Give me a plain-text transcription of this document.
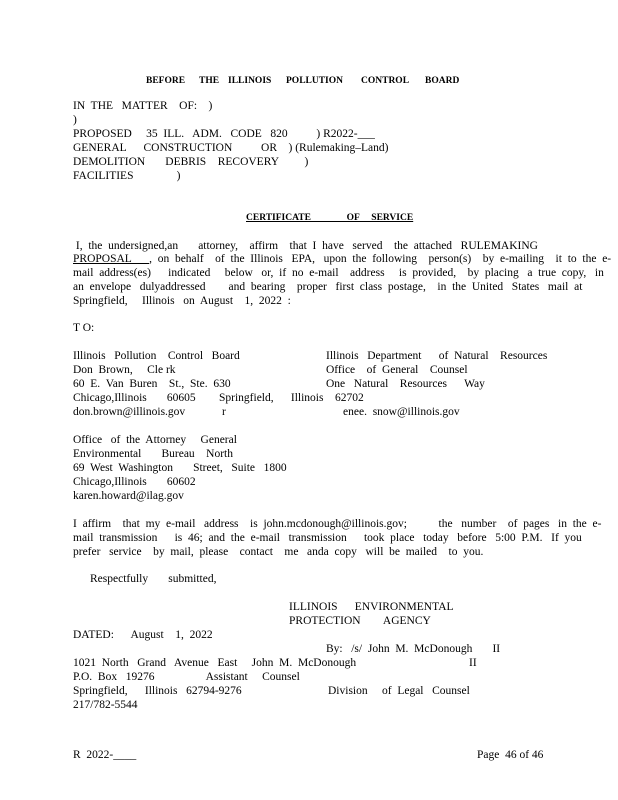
BEFORE THE ILLINOIS POLLUTION CONTROL BOARD
IN  THE   MATTER    OF:    )
)
PROPOSED     35  ILL.   ADM.   CODE   820          ) R2022-___
GENERAL      CONSTRUCTION          OR    ) (Rulemaking–Land)
DEMOLITION       DEBRIS    RECOVERY         )
FACILITIES               )
CERTIFICATE               OF     SERVICE
I,  the  undersigned,an       attorney,    affirm    that  I  have   served    the  attached   RULEMAKING
PROPOSAL___,  on  behalf    of  the  Illinois   EPA,   upon  the  following    person(s)    by  e-mailing    it  to  the  e-
mail  address(es)      indicated     below   or,  if  no  e-mail    address     is  provided,    by  placing   a  true  copy,   in
an  envelope   dulyaddressed        and  bearing    proper   first  class  postage,    in  the  United   States   mail  at
Springfield,     Illinois   on  August    1,  2022  :
T O:
Illinois   Pollution    Control   Board	Illinois   Department      of  Natural    Resources
Don  Brown,     Cle rk	Office    of  General    Counsel
60  E.  Van  Buren    St.,  Ste.  630	One   Natural    Resources      Way
Chicago,Illinois       60605 Springfield,      Illinois    62702
don.brown@illinois.gov	r	enee.  snow@illinois.gov
Office   of  the  Attorney     General
Environmental       Bureau    North
69  West  Washington       Street,   Suite   1800
Chicago,Illinois       60602
karen.howard@ilag.gov
I  affirm    that  my  e-mail   address    is  john.mcdonough@illinois.gov;           the   number    of  pages   in  the  e-
mail  transmission      is  46;  and  the  e-mail   transmission      took  place   today   before   5:00  P.M.   If  you
prefer   service    by  mail,  please    contact    me   anda  copy   will  be  mailed    to  you.
Respectfully       submitted,
ILLINOIS      ENVIRONMENTAL
PROTECTION        AGENCY
DATED:      August    1,  2022
By:   /s/  John  M.  McDonough       II
1021  North   Grand   Avenue   East     John  M.  McDonough	II
P.O.  Box   19276                  Assistant     Counsel
Springfield,      Illinois   62794-9276	Division     of  Legal   Counsel
217/782-5544
R  2022-____	Page  46 of 46
